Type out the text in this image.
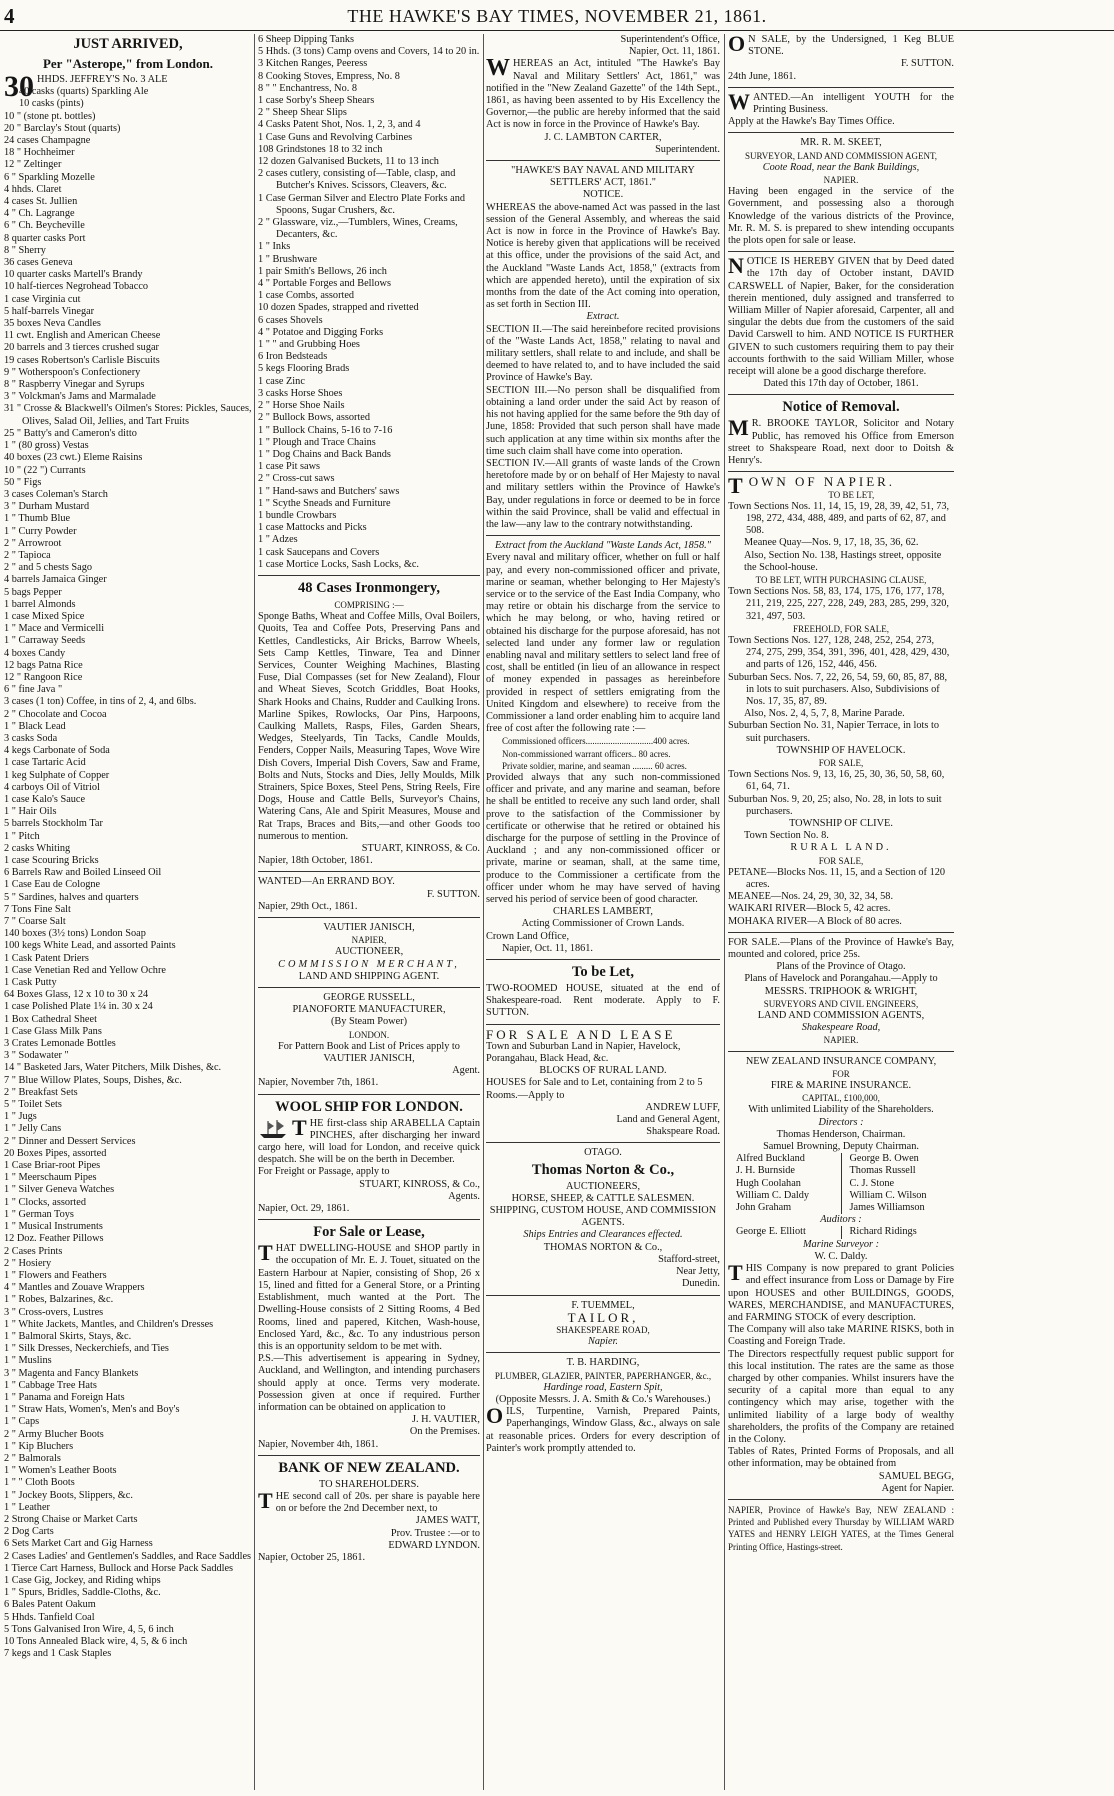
4	THE HAWKE'S BAY TIMES, NOVEMBER 21, 1861.
JUST ARRIVED,
Per "Asterope," from London.
30 HHDS. JEFFREY'S No. 3 ALE
40 casks (quarts) Sparkling Ale
10 casks (pints)
10 " (stone pt. bottles)
20 " Barclay's Stout (quarts)
24 cases Champagne
18 " Hochheimer
12 " Zeltinger
6 " Sparkling Mozelle
4 hhds. Claret
4 cases St. Jullien
4 " Ch. Lagrange
6 " Ch. Beycheville
8 quarter casks Port
8 " Sherry
36 cases Geneva
10 quarter casks Martell's Brandy
10 half-tierces Negrohead Tobacco
1 case Virginia cut
5 half-barrels Vinegar
35 boxes Neva Candles
11 cwt. English and American Cheese
20 barrels and 3 tierces crushed sugar
19 cases Robertson's Carlisle Biscuits
9 " Wotherspoon's Confectionery
8 " Raspberry Vinegar and Syrups
3 " Volckman's Jams and Marmalade
31 " Crosse & Blackwell's Oilmen's Stores: Pickles, Sauces, Olives, Salad Oil, Jellies, and Tart Fruits
25 " Batty's and Cameron's ditto
1 " (80 gross) Vestas
40 boxes (23 cwt.) Eleme Raisins
10 " (22 ") Currants
50 " Figs
3 cases Coleman's Starch
3 " Durham Mustard
1 " Thumb Blue
1 " Curry Powder
2 " Arrowroot
2 " Tapioca
2 " and 5 chests Sago
4 barrels Jamaica Ginger
5 bags Pepper
1 barrel Almonds
1 case Mixed Spice
1 " Mace and Vermicelli
1 " Carraway Seeds
4 boxes Candy
12 bags Patna Rice
12 " Rangoon Rice
6 " fine Java "
3 cases (1 ton) Coffee, in tins of 2, 4, and 6lbs.
2 " Chocolate and Cocoa
1 " Black Lead
3 casks Soda
4 kegs Carbonate of Soda
1 case Tartaric Acid
1 keg Sulphate of Copper
4 carboys Oil of Vitriol
1 case Kalo's Sauce
1 " Hair Oils
5 barrels Stockholm Tar
1 " Pitch
2 casks Whiting
1 case Scouring Bricks
6 Barrels Raw and Boiled Linseed Oil
1 Case Eau de Cologne
5 " Sardines, halves and quarters
7 Tons Fine Salt
7 " Coarse Salt
140 boxes (3½ tons) London Soap
100 kegs White Lead, and assorted Paints
1 Cask Patent Driers
1 Case Venetian Red and Yellow Ochre
1 Cask Putty
64 Boxes Glass, 12 x 10 to 30 x 24
1 case Polished Plate 1¼ in. 30 x 24
1 Box Cathedral Sheet
1 Case Glass Milk Pans
3 Crates Lemonade Bottles
3 " Sodawater "
14 " Basketed Jars, Water Pitchers, Milk Dishes, &c.
7 " Blue Willow Plates, Soups, Dishes, &c.
2 " Breakfast Sets
5 " Toilet Sets
1 " Jugs
1 " Jelly Cans
2 " Dinner and Dessert Services
20 Boxes Pipes, assorted
1 Case Briar-root Pipes
1 " Meerschaum Pipes
1 " Silver Geneva Watches
1 " Clocks, assorted
1 " German Toys
1 " Musical Instruments
12 Doz. Feather Pillows
2 Cases Prints
2 " Hosiery
1 " Flowers and Feathers
4 " Mantles and Zouave Wrappers
1 " Robes, Balzarines, &c.
3 " Cross-overs, Lustres
1 " White Jackets, Mantles, and Children's Dresses
1 " Balmoral Skirts, Stays, &c.
1 " Silk Dresses, Neckerchiefs, and Ties
1 " Muslins
3 " Magenta and Fancy Blankets
1 " Cabbage Tree Hats
1 " Panama and Foreign Hats
1 " Straw Hats, Women's, Men's and Boy's
1 " Caps
2 " Army Blucher Boots
1 " Kip Bluchers
2 " Balmorals
1 " Women's Leather Boots
1 " " Cloth Boots
1 " Jockey Boots, Slippers, &c.
1 " Leather
2 Strong Chaise or Market Carts
2 Dog Carts
6 Sets Market Cart and Gig Harness
2 Cases Ladies' and Gentlemen's Saddles, and Race Saddles
1 Tierce Cart Harness, Bullock and Horse Pack Saddles
1 Case Gig, Jockey, and Riding whips
1 " Spurs, Bridles, Saddle-Cloths, &c.
6 Bales Patent Oakum
5 Hhds. Tanfield Coal
5 Tons Galvanised Iron Wire, 4, 5, 6 inch
10 Tons Annealed Black wire, 4, 5, & 6 inch
7 kegs and 1 Cask Staples
6 Sheep Dipping Tanks
5 Hhds. (3 tons) Camp ovens and Covers, 14 to 20 in.
3 Kitchen Ranges, Peeress
8 Cooking Stoves, Empress, No. 8
8 " " Enchantress, No. 8
1 case Sorby's Sheep Shears
2 " Sheep Shear Slips
4 Casks Patent Shot, Nos. 1, 2, 3, and 4
1 Case Guns and Revolving Carbines
108 Grindstones 18 to 32 inch
12 dozen Galvanised Buckets, 11 to 13 inch
2 cases cutlery, consisting of—Table, clasp, and Butcher's Knives. Scissors, Cleavers, &c.
1 Case German Silver and Electro Plate Forks and Spoons, Sugar Crushers, &c.
2 " Glassware, viz.,—Tumblers, Wines, Creams, Decanters, &c.
1 " Inks
1 " Brushware
1 pair Smith's Bellows, 26 inch
4 " Portable Forges and Bellows
1 case Combs, assorted
10 dozen Spades, strapped and rivetted
6 cases Shovels
4 " Potatoe and Digging Forks
1 " " and Grubbing Hoes
6 Iron Bedsteads
5 kegs Flooring Brads
1 case Zinc
3 casks Horse Shoes
2 " Horse Shoe Nails
2 " Bullock Bows, assorted
1 " Bullock Chains, 5-16 to 7-16
1 " Plough and Trace Chains
1 " Dog Chains and Back Bands
1 case Pit saws
2 " Cross-cut saws
1 " Hand-saws and Butchers' saws
1 " Scythe Sneads and Furniture
1 bundle Crowbars
1 case Mattocks and Picks
1 " Adzes
1 cask Saucepans and Covers
1 case Mortice Locks, Sash Locks, &c.
48 Cases Ironmongery,
COMPRISING :—
Sponge Baths, Wheat and Coffee Mills, Oval Boilers, Quoits, Tea and Coffee Pots, Preserving Pans and Kettles, Candlesticks, Air Bricks, Barrow Wheels, Sets Camp Kettles, Tinware, Tea and Dinner Services, Counter Weighing Machines, Blasting Fuse, Dial Compasses (set for New Zealand), Flour and Wheat Sieves, Scotch Griddles, Boat Hooks, Shark Hooks and Chains, Rudder and Caulking Irons. Marline Spikes, Rowlocks, Oar Pins, Harpoons, Caulking Mallets, Rasps, Files, Garden Shears, Wedges, Steelyards, Tin Tacks, Candle Moulds, Fenders, Copper Nails, Measuring Tapes, Wove Wire Dish Covers, Imperial Dish Covers, Saw and Frame, Bolts and Nuts, Stocks and Dies, Jelly Moulds, Milk Strainers, Spice Boxes, Steel Pens, String Reels, Fire Dogs, House and Cattle Bells, Surveyor's Chains, Watering Cans, Ale and Spirit Measures, Mouse and Rat Traps, Braces and Bits,—and other Goods too numerous to mention.
STUART, KINROSS, & Co.
Napier, 18th October, 1861.
WANTED—An ERRAND BOY.
F. SUTTON.
Napier, 29th Oct., 1861.
VAUTIER JANISCH,
NAPIER,
AUCTIONEER,
COMMISSION MERCHANT,
LAND AND SHIPPING AGENT.
GEORGE RUSSELL,
PIANOFORTE MANUFACTURER,
(By Steam Power)
LONDON.
For Pattern Book and List of Prices apply to
VAUTIER JANISCH,
Agent.
Napier, November 7th, 1861.
WOOL SHIP FOR LONDON.
T HE first-class ship ARABELLA Captain PINCHES, after discharging her inward cargo here, will load for London, and receive quick despatch. She will be on the berth in December.
For Freight or Passage, apply to
STUART, KINROSS, & Co.,
Agents.
Napier, Oct. 29, 1861.
For Sale or Lease,
T HAT DWELLING-HOUSE and SHOP partly in the occupation of Mr. E. J. Touet, situated on the Eastern Harbour at Napier, consisting of Shop, 26 x 15, lined and fitted for a General Store, or a Printing Establishment, much wanted at the Port. The Dwelling-House consists of 2 Sitting Rooms, 4 Bed Rooms, lined and papered, Kitchen, Wash-house, Enclosed Yard, &c., &c. To any industrious person this is an opportunity seldom to be met with.
P.S.—This advertisement is appearing in Sydney, Auckland, and Wellington, and intending purchasers should apply at once. Terms very moderate. Possession given at once if required. Further information can be obtained on application to
J. H. VAUTIER,
On the Premises.
Napier, November 4th, 1861.
BANK OF NEW ZEALAND.
TO SHAREHOLDERS.
T HE second call of 20s. per share is payable here on or before the 2nd December next, to
JAMES WATT,
Prov. Trustee :—or to
EDWARD LYNDON.
Napier, October 25, 1861.
Superintendent's Office,
Napier, Oct. 11, 1861.
W HEREAS an Act, intituled "The Hawke's Bay Naval and Military Settlers' Act, 1861," was notified in the "New Zealand Gazette" of the 14th Sept., 1861, as having been assented to by His Excellency the Governor,—the public are hereby informed that the said Act is now in force in the Province of Hawke's Bay.
J. C. LAMBTON CARTER,
Superintendent.
"HAWKE'S BAY NAVAL AND MILITARY SETTLERS' ACT, 1861."
NOTICE.
WHEREAS the above-named Act was passed in the last session of the General Assembly, and whereas the said Act is now in force in the Province of Hawke's Bay. Notice is hereby given that applications will be received at this office, under the provisions of the said Act, and the Auckland "Waste Lands Act, 1858," (extracts from which are appended hereto), until the expiration of six months from the date of the Act coming into operation, as set forth in Section III.
Extract.
SECTION II.—The said hereinbefore recited provisions of the "Waste Lands Act, 1858," relating to naval and military settlers, shall relate to and include, and shall be deemed to have related to, and to have included the said Province of Hawke's Bay.
SECTION III.—No person shall be disqualified from obtaining a land order under the said Act by reason of his not having applied for the same before the 9th day of June, 1858: Provided that such person shall have made such application at any time within six months after the time such claim shall have come into operation.
SECTION IV.—All grants of waste lands of the Crown heretofore made by or on behalf of Her Majesty to naval and military settlers within the Province of Hawke's Bay, under regulations in force or deemed to be in force within the said Province, shall be valid and effectual in the law—any law to the contrary notwithstanding.
Extract from the Auckland "Waste Lands Act, 1858."
Every naval and military officer, whether on full or half pay, and every non-commissioned officer and private, marine or seaman, whether belonging to Her Majesty's service or to the service of the East India Company, who may retire or obtain his discharge from the service to which he may belong, or who, having retired or obtained his discharge for the purpose aforesaid, has not selected land under any former law or regulation enabling naval and military settlers to select land free of cost, shall be entitled (in lieu of an allowance in respect of money expended in passages as hereinbefore provided in respect of settlers emigrating from the United Kingdom and elsewhere) to receive from the Commissioner a land order enabling him to acquire land free of cost after the following rate :—
Commissioned officers..............................400 acres.
Non-commissioned warrant officers.. 80 acres.
Private soldier, marine, and seaman ......... 60 acres.
Provided always that any such non-commissioned officer and private, and any marine and seaman, before he shall be entitled to receive any such land order, shall prove to the satisfaction of the Commissioner by certificate or otherwise that he retired or obtained his discharge for the purpose of settling in the Province of Auckland ; and any non-commissioned officer or private, marine or seaman, shall, at the same time, produce to the Commissioner a certificate from the officer under whom he may have served of having served his period of service been of good character.
CHARLES LAMBERT,
Acting Commissioner of Crown Lands.
Crown Land Office,
Napier, Oct. 11, 1861.
To be Let,
TWO-ROOMED HOUSE, situated at the end of Shakespeare-road. Rent moderate. Apply to F. SUTTON.
FOR SALE AND LEASE
Town and Suburban Land in Napier, Havelock, Porangahau, Black Head, &c.
BLOCKS OF RURAL LAND.
HOUSES for Sale and to Let, containing from 2 to 5 Rooms.—Apply to
ANDREW LUFF,
Land and General Agent,
Shakspeare Road.
OTAGO.
Thomas Norton & Co.,
AUCTIONEERS,
HORSE, SHEEP, & CATTLE SALESMEN.
SHIPPING, CUSTOM HOUSE, AND COMMISSION AGENTS.
Ships Entries and Clearances effected.
THOMAS NORTON & Co.,
Stafford-street,
Near Jetty,
Dunedin.
F. TUEMMEL,
TAILOR,
SHAKESPEARE ROAD,
Napier.
T. B. HARDING,
PLUMBER, GLAZIER, PAINTER, PAPERHANGER, &c.,
Hardinge road, Eastern Spit,
(Opposite Messrs. J. A. Smith & Co.'s Warehouses.)
O ILS, Turpentine, Varnish, Prepared Paints, Paperhangings, Window Glass, &c., always on sale at reasonable prices. Orders for every description of Painter's work promptly attended to.
O N SALE, by the Undersigned, 1 Keg BLUE STONE.
F. SUTTON.
24th June, 1861.
W ANTED.—An intelligent YOUTH for the Printing Business.
Apply at the Hawke's Bay Times Office.
MR. R. M. SKEET,
SURVEYOR, LAND AND COMMISSION AGENT,
Coote Road, near the Bank Buildings,
NAPIER.
Having been engaged in the service of the Government, and possessing also a thorough Knowledge of the various districts of the Province, Mr. R. M. S. is prepared to shew intending occupants the plots open for sale or lease.
N OTICE IS HEREBY GIVEN that by Deed dated the 17th day of October instant, DAVID CARSWELL of Napier, Baker, for the consideration therein mentioned, duly assigned and transferred to William Miller of Napier aforesaid, Carpenter, all and singular the debts due from the customers of the said David Carswell to him. AND NOTICE IS FURTHER GIVEN to such customers requiring them to pay their accounts forthwith to the said William Miller, whose receipt will alone be a good discharge therefore.
Dated this 17th day of October, 1861.
Notice of Removal.
M R. BROOKE TAYLOR, Solicitor and Notary Public, has removed his Office from Emerson street to Shakspeare Road, next door to Doitsh & Henry's.
T OWN OF NAPIER.
TO BE LET,
Town Sections Nos. 11, 14, 15, 19, 28, 39, 42, 51, 73, 198, 272, 434, 488, 489, and parts of 62, 87, and 508.
Meanee Quay—Nos. 9, 17, 18, 35, 36, 62.
Also, Section No. 138, Hastings street, opposite the School-house.
TO BE LET, WITH PURCHASING CLAUSE,
Town Sections Nos. 58, 83, 174, 175, 176, 177, 178, 211, 219, 225, 227, 228, 249, 283, 285, 299, 320, 321, 497, 503.
FREEHOLD, FOR SALE,
Town Sections Nos. 127, 128, 248, 252, 254, 273, 274, 275, 299, 354, 391, 396, 401, 428, 429, 430, and parts of 126, 152, 446, 456.
Suburban Secs. Nos. 7, 22, 26, 54, 59, 60, 85, 87, 88, in lots to suit purchasers. Also, Subdivisions of Nos. 17, 35, 87, 89.
Also, Nos. 2, 4, 5, 7, 8, Marine Parade.
Suburban Section No. 31, Napier Terrace, in lots to suit purchasers.
TOWNSHIP OF HAVELOCK.
FOR SALE,
Town Sections Nos. 9, 13, 16, 25, 30, 36, 50, 58, 60, 61, 64, 71.
Suburban Nos. 9, 20, 25; also, No. 28, in lots to suit purchasers.
TOWNSHIP OF CLIVE.
Town Section No. 8.
RURAL LAND.
FOR SALE,
PETANE—Blocks Nos. 11, 15, and a Section of 120 acres.
MEANEE—Nos. 24, 29, 30, 32, 34, 58.
WAIKARI RIVER—Block 5, 42 acres.
MOHAKA RIVER—A Block of 80 acres.
FOR SALE.—Plans of the Province of Hawke's Bay, mounted and colored, price 25s.
Plans of the Province of Otago.
Plans of Havelock and Porangahau.—Apply to
MESSRS. TRIPHOOK & WRIGHT,
SURVEYORS AND CIVIL ENGINEERS,
LAND AND COMMISSION AGENTS,
Shakespeare Road,
NAPIER.
NEW ZEALAND INSURANCE COMPANY,
FOR
FIRE & MARINE INSURANCE.
CAPITAL, £100,000,
With unlimited Liability of the Shareholders.
Directors :
Thomas Henderson, Chairman.
Samuel Browning, Deputy Chairman.
Alfred Buckland
J. H. Burnside
Hugh Coolahan
William C. Daldy
John Graham
George B. Owen
Thomas Russell
C. J. Stone
William C. Wilson
James Williamson
Auditors :
George E. Elliott	Richard Ridings
Marine Surveyor :
W. C. Daldy.
T HIS Company is now prepared to grant Policies and effect insurance from Loss or Damage by Fire upon HOUSES and other BUILDINGS, GOODS, WARES, MERCHANDISE, and MANUFACTURES, and FARMING STOCK of every description.
The Company will also take MARINE RISKS, both in Coasting and Foreign Trade.
The Directors respectfully request public support for this local institution. The rates are the same as those charged by other companies. Whilst insurers have the security of a capital more than equal to any contingency which may arise, together with the unlimited liability of a large body of wealthy shareholders, the profits of the Company are retained in the Colony.
Tables of Rates, Printed Forms of Proposals, and all other information, may be obtained from
SAMUEL BEGG,
Agent for Napier.
NAPIER, Province of Hawke's Bay, NEW ZEALAND : Printed and Published every Thursday by WILLIAM WARD YATES and HENRY LEIGH YATES, at the Times General Printing Office, Hastings-street.
